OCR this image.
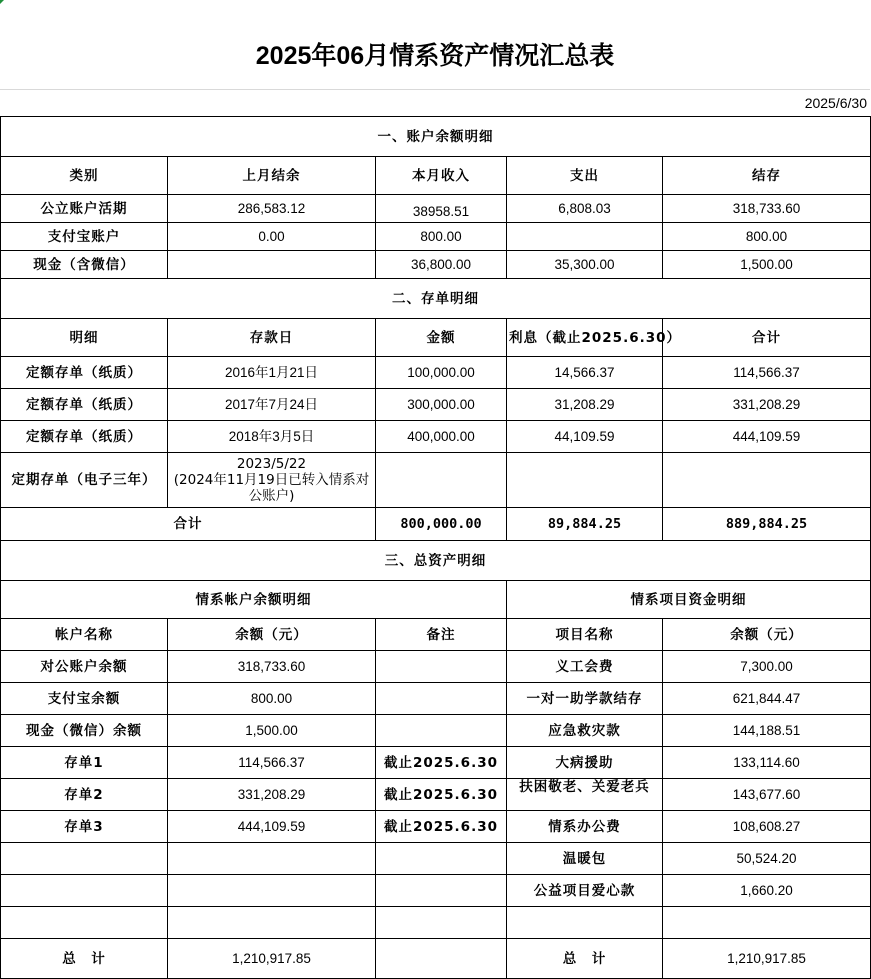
2025年06月情系资产情况汇总表
2025/6/30
一、账户余额明细				
类别	上月结余	本月收入	支出	结存
公立账户活期	286,583.12	38958.51	6,808.03	318,733.60
支付宝账户	0.00	800.00		800.00
现金（含微信）		36,800.00	35,300.00	1,500.00
二、存单明细				
明细	存款日	金额	利息（截止2025.6.30）	合计
定额存单（纸质）	2016年1月21日	100,000.00	14,566.37	114,566.37
定额存单（纸质）	2017年7月24日	300,000.00	31,208.29	331,208.29
定额存单（纸质）	2018年3月5日	400,000.00	44,109.59	444,109.59
定期存单（电子三年）	2023/5/22
(2024年11月19日已转入情系对公账户)			
合计		800,000.00	89,884.25	889,884.25
三、总资产明细				
情系帐户余额明细			情系项目资金明细	
帐户名称	余额（元）	备注	项目名称	余额（元）
对公账户余额	318,733.60		义工会费	7,300.00
支付宝余额	800.00		一对一助学款结存	621,844.47
现金（微信）余额	1,500.00		应急救灾款	144,188.51
存单1	114,566.37	截止2025.6.30	大病援助	133,114.60
存单2	331,208.29	截止2025.6.30	扶困敬老、关爱老兵	143,677.60
存单3	444,109.59	截止2025.6.30	情系办公费	108,608.27
			温暖包	50,524.20
			公益项目爱心款	1,660.20

总　计	1,210,917.85		总　计	1,210,917.85
